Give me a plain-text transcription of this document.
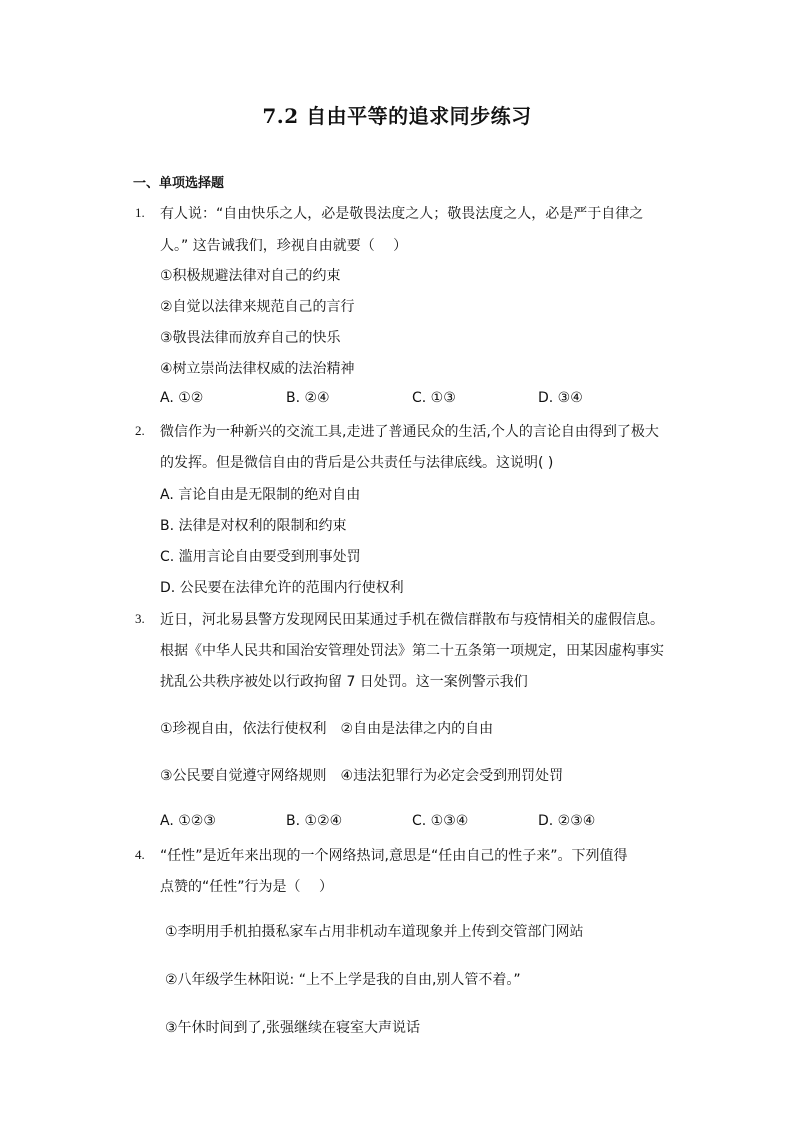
7.2 自由平等的追求同步练习
一、单项选择题
1. 有人说：“自由快乐之人，必是敬畏法度之人；敬畏法度之人，必是严于自律之
人。” 这告诫我们，珍视自由就要（　 ）
①积极规避法律对自己的约束
②自觉以法律来规范自己的言行
③敬畏法律而放弃自己的快乐
④树立崇尚法律权威的法治精神
A. ①②	B. ②④	C. ①③	D. ③④
2. 微信作为一种新兴的交流工具,走进了普通民众的生活,个人的言论自由得到了极大
的发挥。但是微信自由的背后是公共责任与法律底线。这说明( )
A. 言论自由是无限制的绝对自由
B. 法律是对权利的限制和约束
C. 滥用言论自由要受到刑事处罚
D. 公民要在法律允许的范围内行使权利
3. 近日，河北易县警方发现网民田某通过手机在微信群散布与疫情相关的虚假信息。
根据《中华人民共和国治安管理处罚法》第二十五条第一项规定，田某因虚构事实
扰乱公共秩序被处以行政拘留 7 日处罚。这一案例警示我们
①珍视自由，依法行使权利　②自由是法律之内的自由
③公民要自觉遵守网络规则　④违法犯罪行为必定会受到刑罚处罚
A. ①②③	B. ①②④	C. ①③④	D. ②③④
4. “任性”是近年来出现的一个网络热词,意思是“任由自己的性子来”。下列值得
点赞的“任性”行为是（　 ）
①李明用手机拍摄私家车占用非机动车道现象并上传到交管部门网站
②八年级学生林阳说: “上不上学是我的自由,别人管不着。”
③午休时间到了,张强继续在寝室大声说话
